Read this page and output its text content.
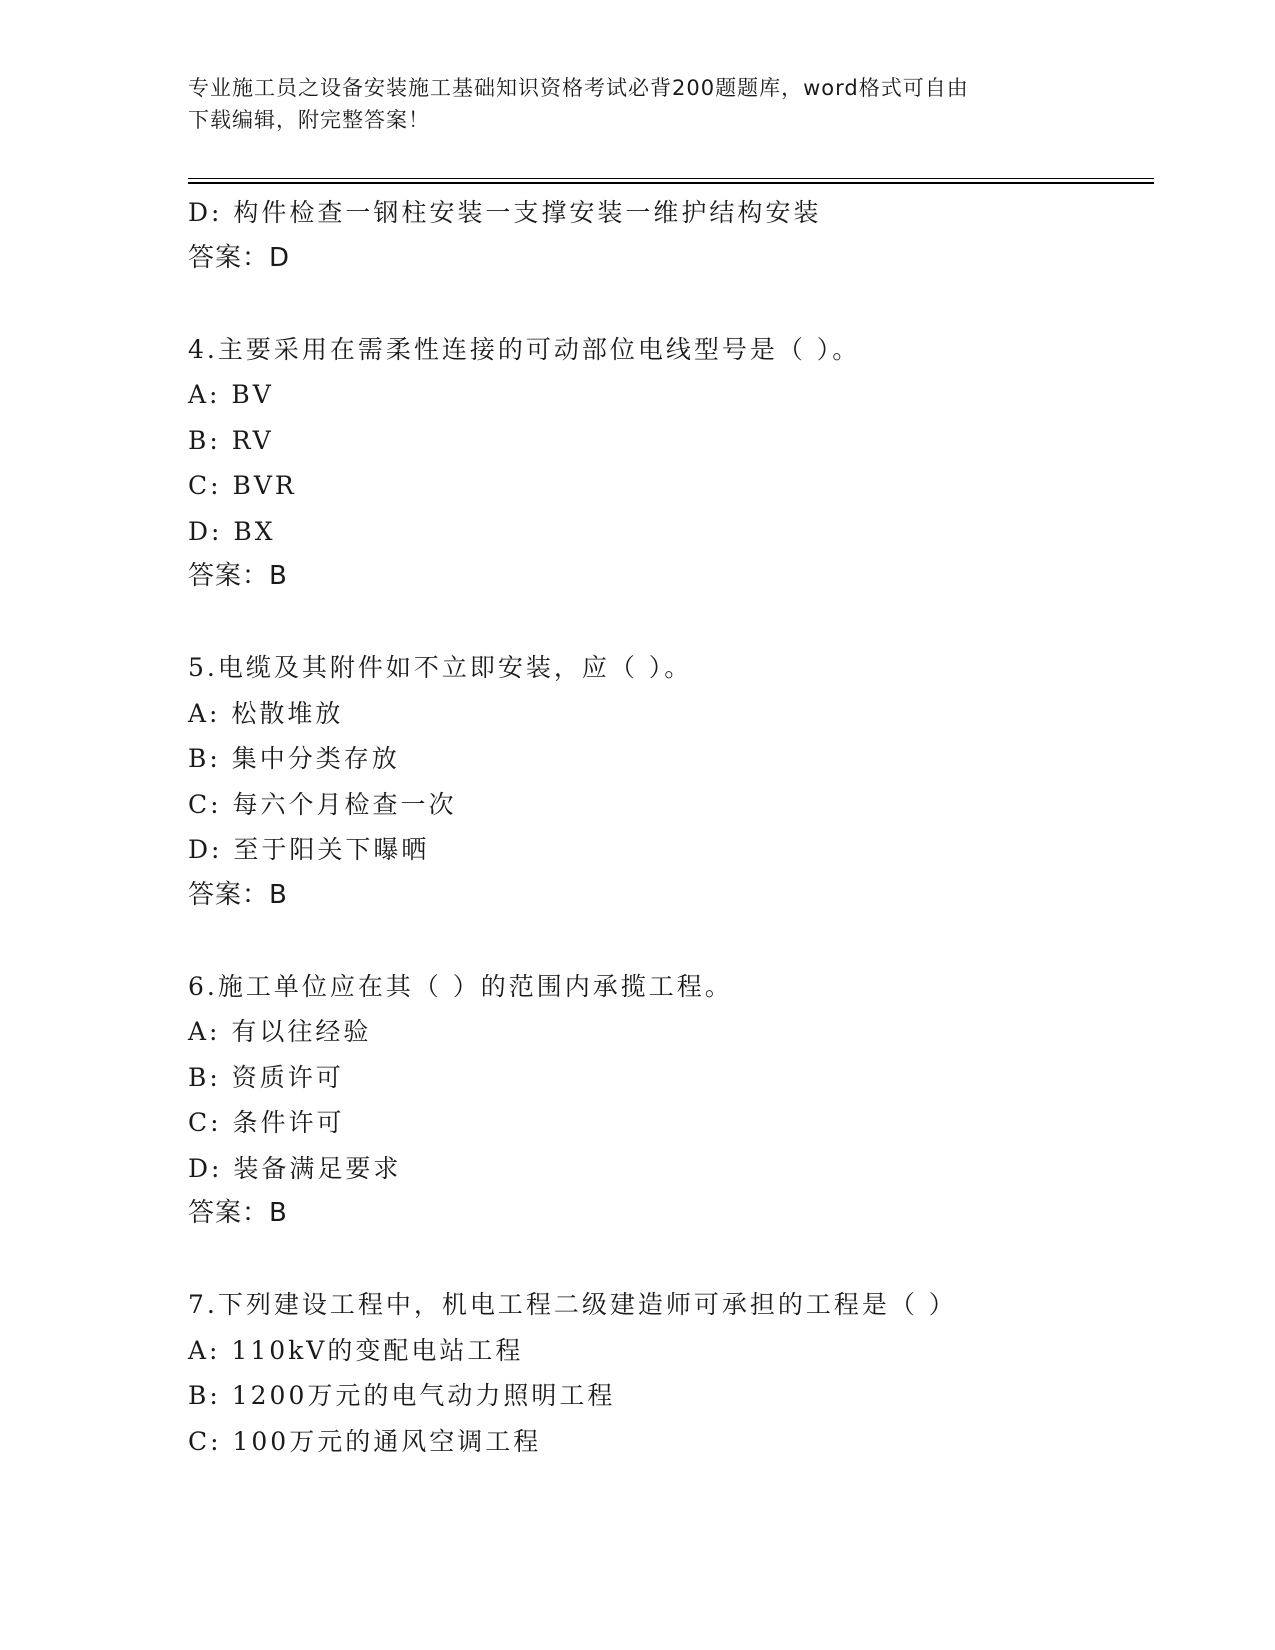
专业施工员之设备安装施工基础知识资格考试必背200题题库，word格式可自由
下载编辑，附完整答案！
D: 构件检查一钢柱安装一支撑安装一维护结构安装
答案：D
4.主要采用在需柔性连接的可动部位电线型号是（ ）。
A: BV
B: RV
C: BVR
D: BX
答案：B
5.电缆及其附件如不立即安装，应（ ）。
A: 松散堆放
B: 集中分类存放
C: 每六个月检查一次
D: 至于阳关下曝晒
答案：B
6.施工单位应在其（ ）的范围内承揽工程。
A: 有以往经验
B: 资质许可
C: 条件许可
D: 装备满足要求
答案：B
7.下列建设工程中，机电工程二级建造师可承担的工程是（ ）
A: 110kV的变配电站工程
B: 1200万元的电气动力照明工程
C: 100万元的通风空调工程
